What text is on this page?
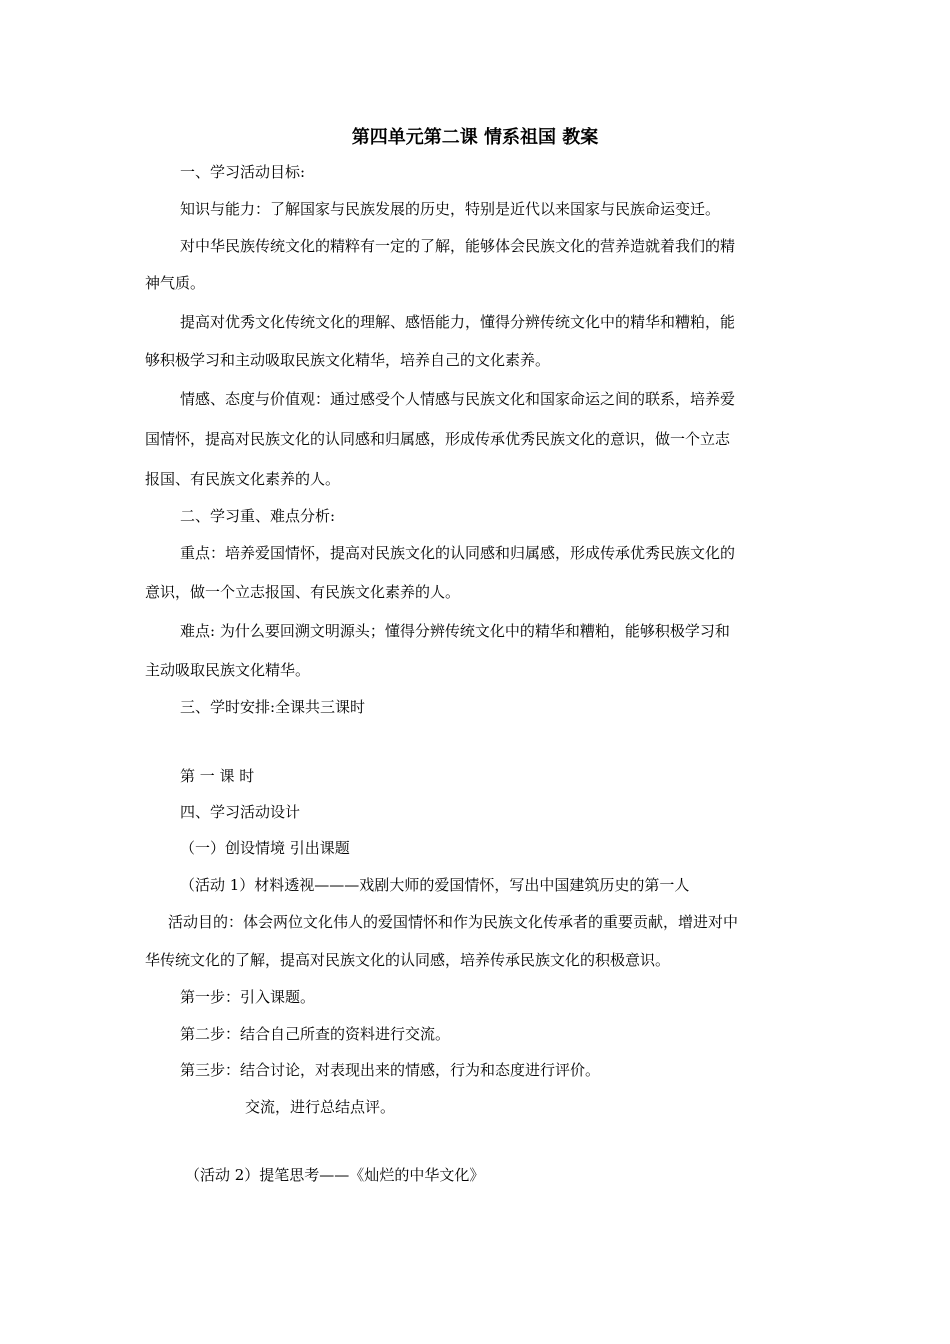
第四单元第二课 情系祖国 教案
一、学习活动目标:
知识与能力：了解国家与民族发展的历史，特别是近代以来国家与民族命运变迁。
对中华民族传统文化的精粹有一定的了解，能够体会民族文化的营养造就着我们的精
神气质。
提高对优秀文化传统文化的理解、感悟能力，懂得分辨传统文化中的精华和糟粕，能
够积极学习和主动吸取民族文化精华，培养自己的文化素养。
情感、态度与价值观：通过感受个人情感与民族文化和国家命运之间的联系，培养爱
国情怀，提高对民族文化的认同感和归属感，形成传承优秀民族文化的意识，做一个立志
报国、有民族文化素养的人。
二、学习重、难点分析:
重点：培养爱国情怀，提高对民族文化的认同感和归属感，形成传承优秀民族文化的
意识，做一个立志报国、有民族文化素养的人。
难点: 为什么要回溯文明源头；懂得分辨传统文化中的精华和糟粕，能够积极学习和
主动吸取民族文化精华。
三、学时安排:全课共三课时
第 一 课 时
四、学习活动设计
（一）创设情境 引出课题
（活动 1）材料透视———戏剧大师的爱国情怀，写出中国建筑历史的第一人
活动目的：体会两位文化伟人的爱国情怀和作为民族文化传承者的重要贡献，增进对中
华传统文化的了解，提高对民族文化的认同感，培养传承民族文化的积极意识。
第一步：引入课题。
第二步：结合自己所查的资料进行交流。
第三步：结合讨论，对表现出来的情感，行为和态度进行评价。
交流，进行总结点评。
（活动 2）提笔思考——《灿烂的中华文化》
